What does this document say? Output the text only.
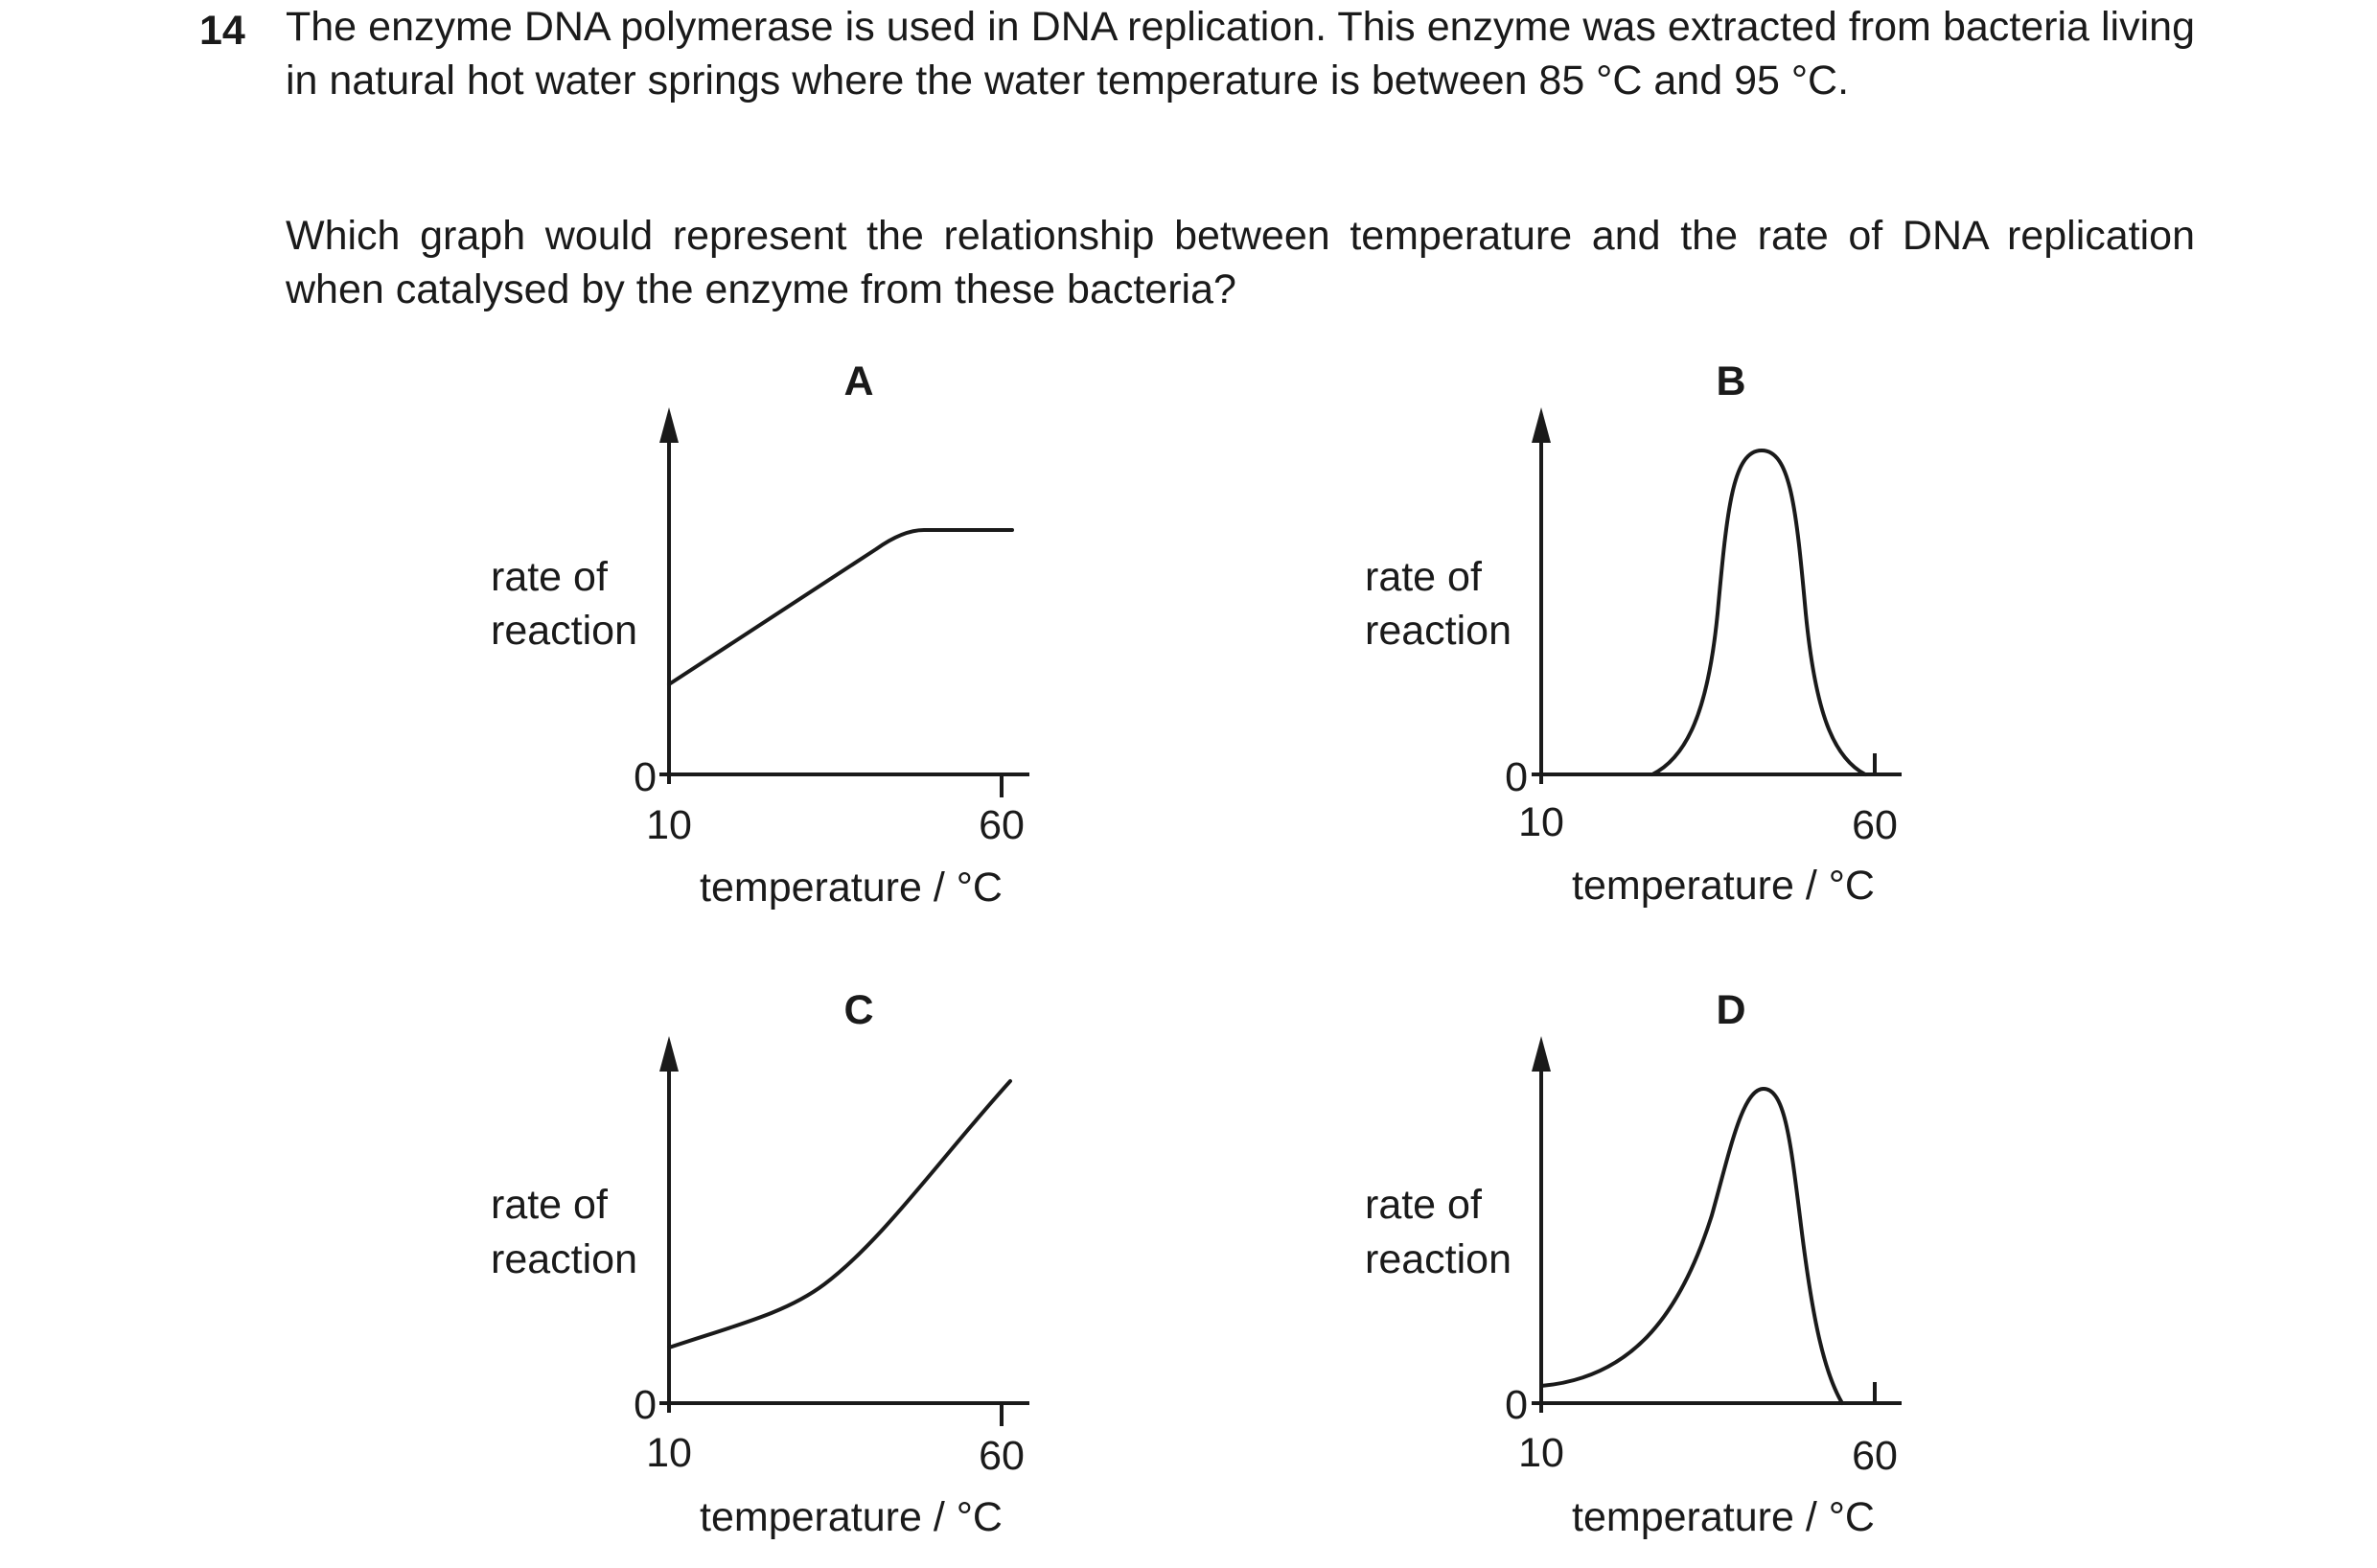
14 The enzyme DNA polymerase is used in DNA replication. This enzyme was extracted from bacteria living in natural hot water springs where the water temperature is between 85 °C and 95 °C.

Which graph would represent the relationship between temperature and the rate of DNA replication when catalysed by the enzyme from these bacteria?

A
rate of
reaction
0
10	60
temperature / °C
B
rate of
reaction
0
10	60
temperature / °C
C
rate of
reaction
0
10	60
temperature / °C
D
rate of
reaction
0
10	60
temperature / °C
